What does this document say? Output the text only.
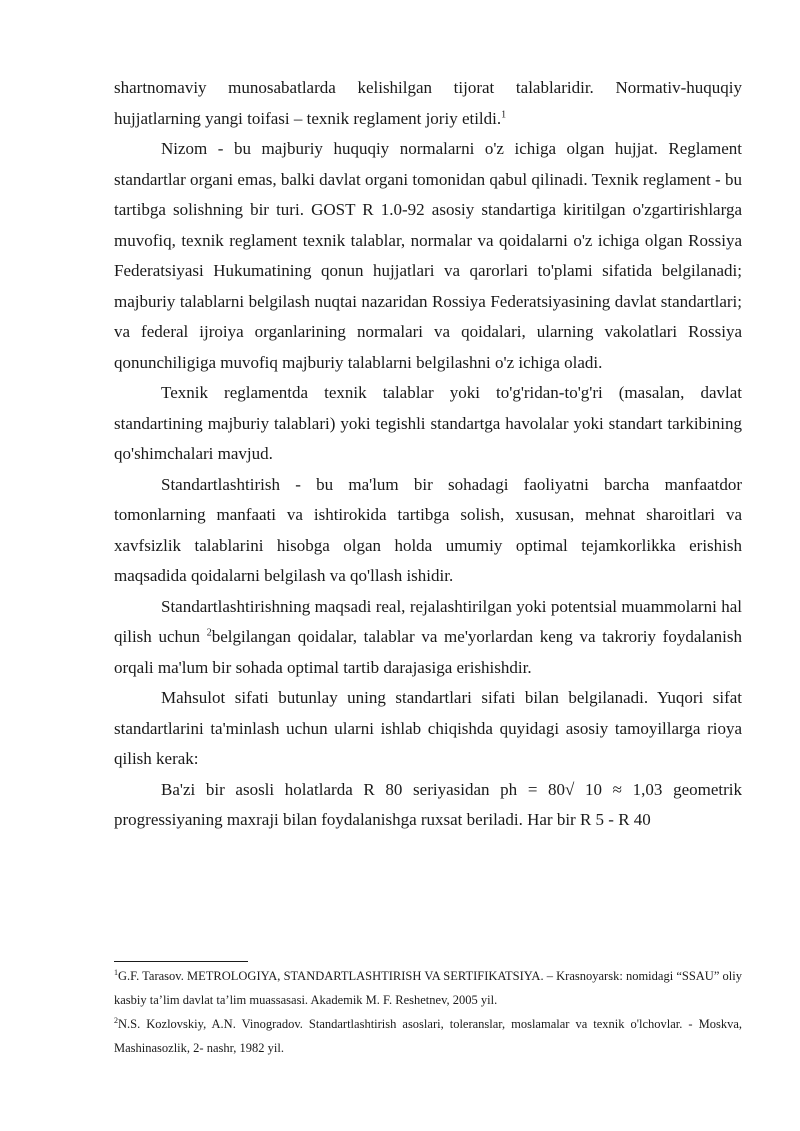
shartnomaviy munosabatlarda kelishilgan tijorat talablaridir. Normativ-huquqiy hujjatlarning yangi toifasi – texnik reglament joriy etildi.$^1$

Nizom - bu majburiy huquqiy normalarni o'z ichiga olgan hujjat. Reglament standartlar organi emas, balki davlat organi tomonidan qabul qilinadi. Texnik reglament - bu tartibga solishning bir turi. GOST R 1.0-92 asosiy standartiga kiritilgan o'zgartirishlarga muvofiq, texnik reglament texnik talablar, normalar va qoidalarni o'z ichiga olgan Rossiya Federatsiyasi Hukumatining qonun hujjatlari va qarorlari to'plami sifatida belgilanadi; majburiy talablarni belgilash nuqtai nazaridan Rossiya Federatsiyasining davlat standartlari; va federal ijroiya organlarining normalari va qoidalari, ularning vakolatlari Rossiya qonunchiligiga muvofiq majburiy talablarni belgilashni o'z ichiga oladi.

Texnik reglamentda texnik talablar yoki to'g'ridan-to'g'ri (masalan, davlat standartining majburiy talablari) yoki tegishli standartga havolalar yoki standart tarkibining qo'shimchalari mavjud.

Standartlashtirish - bu ma'lum bir sohadagi faoliyatni barcha manfaatdor tomonlarning manfaati va ishtirokida tartibga solish, xususan, mehnat sharoitlari va xavfsizlik talablarini hisobga olgan holda umumiy optimal tejamkorlikka erishish maqsadida qoidalarni belgilash va qo'llash ishidir.

Standartlashtirishning maqsadi real, rejalashtirilgan yoki potentsial muammolarni hal qilish uchun $^2$belgilangan qoidalar, talablar va me'yorlardan keng va takroriy foydalanish orqali ma'lum bir sohada optimal tartib darajasiga erishishdir.

Mahsulot sifati butunlay uning standartlari sifati bilan belgilanadi. Yuqori sifat standartlarini ta'minlash uchun ularni ishlab chiqishda quyidagi asosiy tamoyillarga rioya qilish kerak:

Ba'zi bir asosli holatlarda R 80 seriyasidan ph = 80√ 10 ≈ 1,03 geometrik progressiyaning maxraji bilan foydalanishga ruxsat beriladi. Har bir R 5 - R 40

$^1$G.F. Tarasov. METROLOGIYA, STANDARTLASHTIRISH VA SERTIFIKATSIYA. – Krasnoyarsk: nomidagi “SSAU” oliy kasbiy ta’lim davlat ta’lim muassasasi. Akademik M. F. Reshetnev, 2005 yil.

$^2$N.S. Kozlovskiy, A.N. Vinogradov. Standartlashtirish asoslari, toleranslar, moslamalar va texnik o'lchovlar. - Moskva, Mashinasozlik, 2- nashr, 1982 yil.
